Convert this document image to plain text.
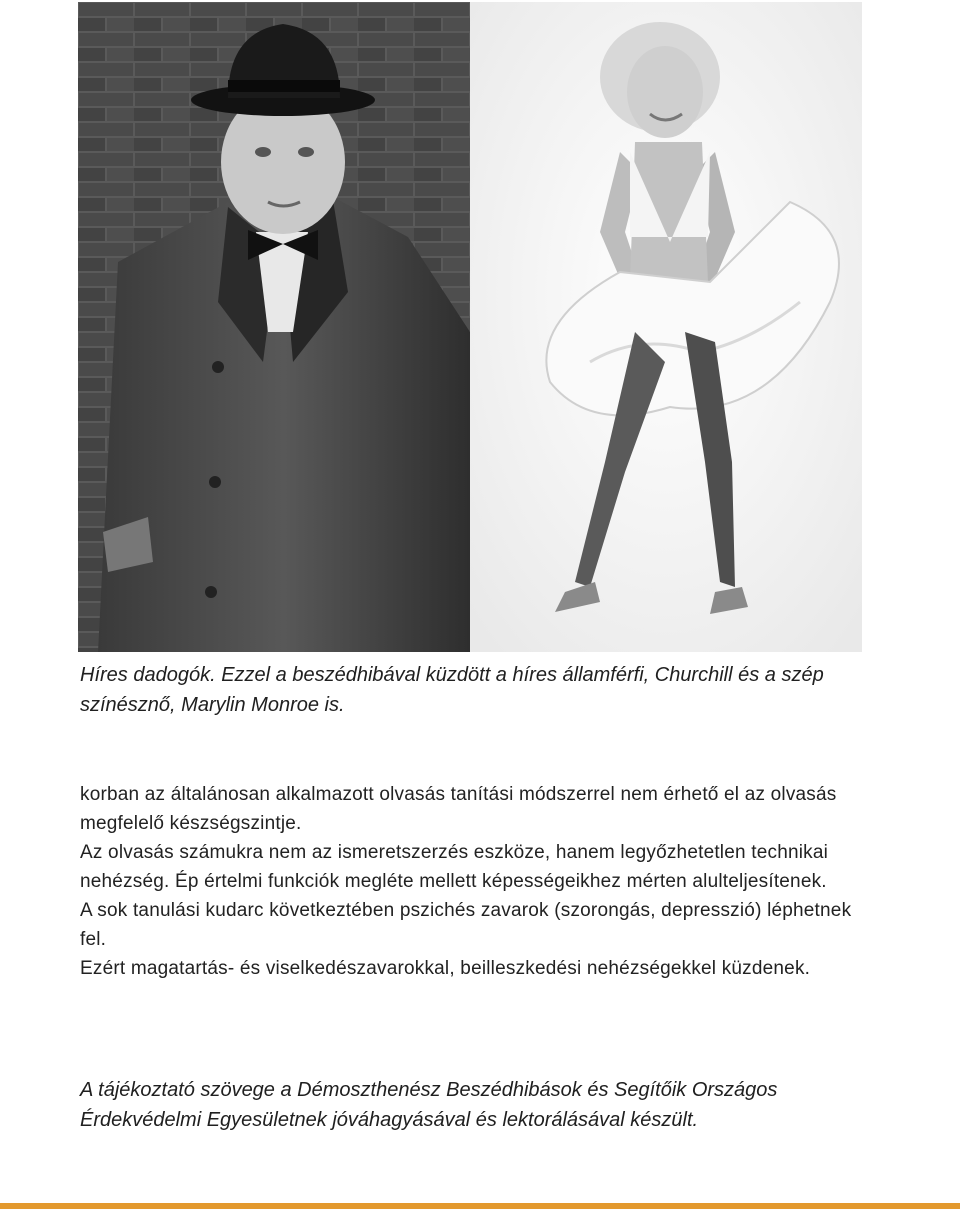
Híres dadogók. Ezzel a beszédhibával küzdött a híres államférfi, Churchill és a szép színésznő, Marylin Monroe is.

korban az általánosan alkalmazott olvasás tanítási módszerrel nem érhető el az olvasás megfelelő készségszintje.

Az olvasás számukra nem az ismeretszerzés eszköze, hanem legyőzhetetlen technikai nehézség. Ép értelmi funkciók megléte mellett képességeikhez mérten alulteljesítenek.

A sok tanulási kudarc következtében pszichés zavarok (szorongás, depresszió) léphetnek fel.

Ezért magatartás- és viselkedészavarokkal, beilleszkedési nehézségekkel küzdenek.

A tájékoztató szövege a Démoszthenész Beszédhibások és Segítőik Országos Érdekvédelmi Egyesületnek jóváhagyásával és lektorálásával készült.
